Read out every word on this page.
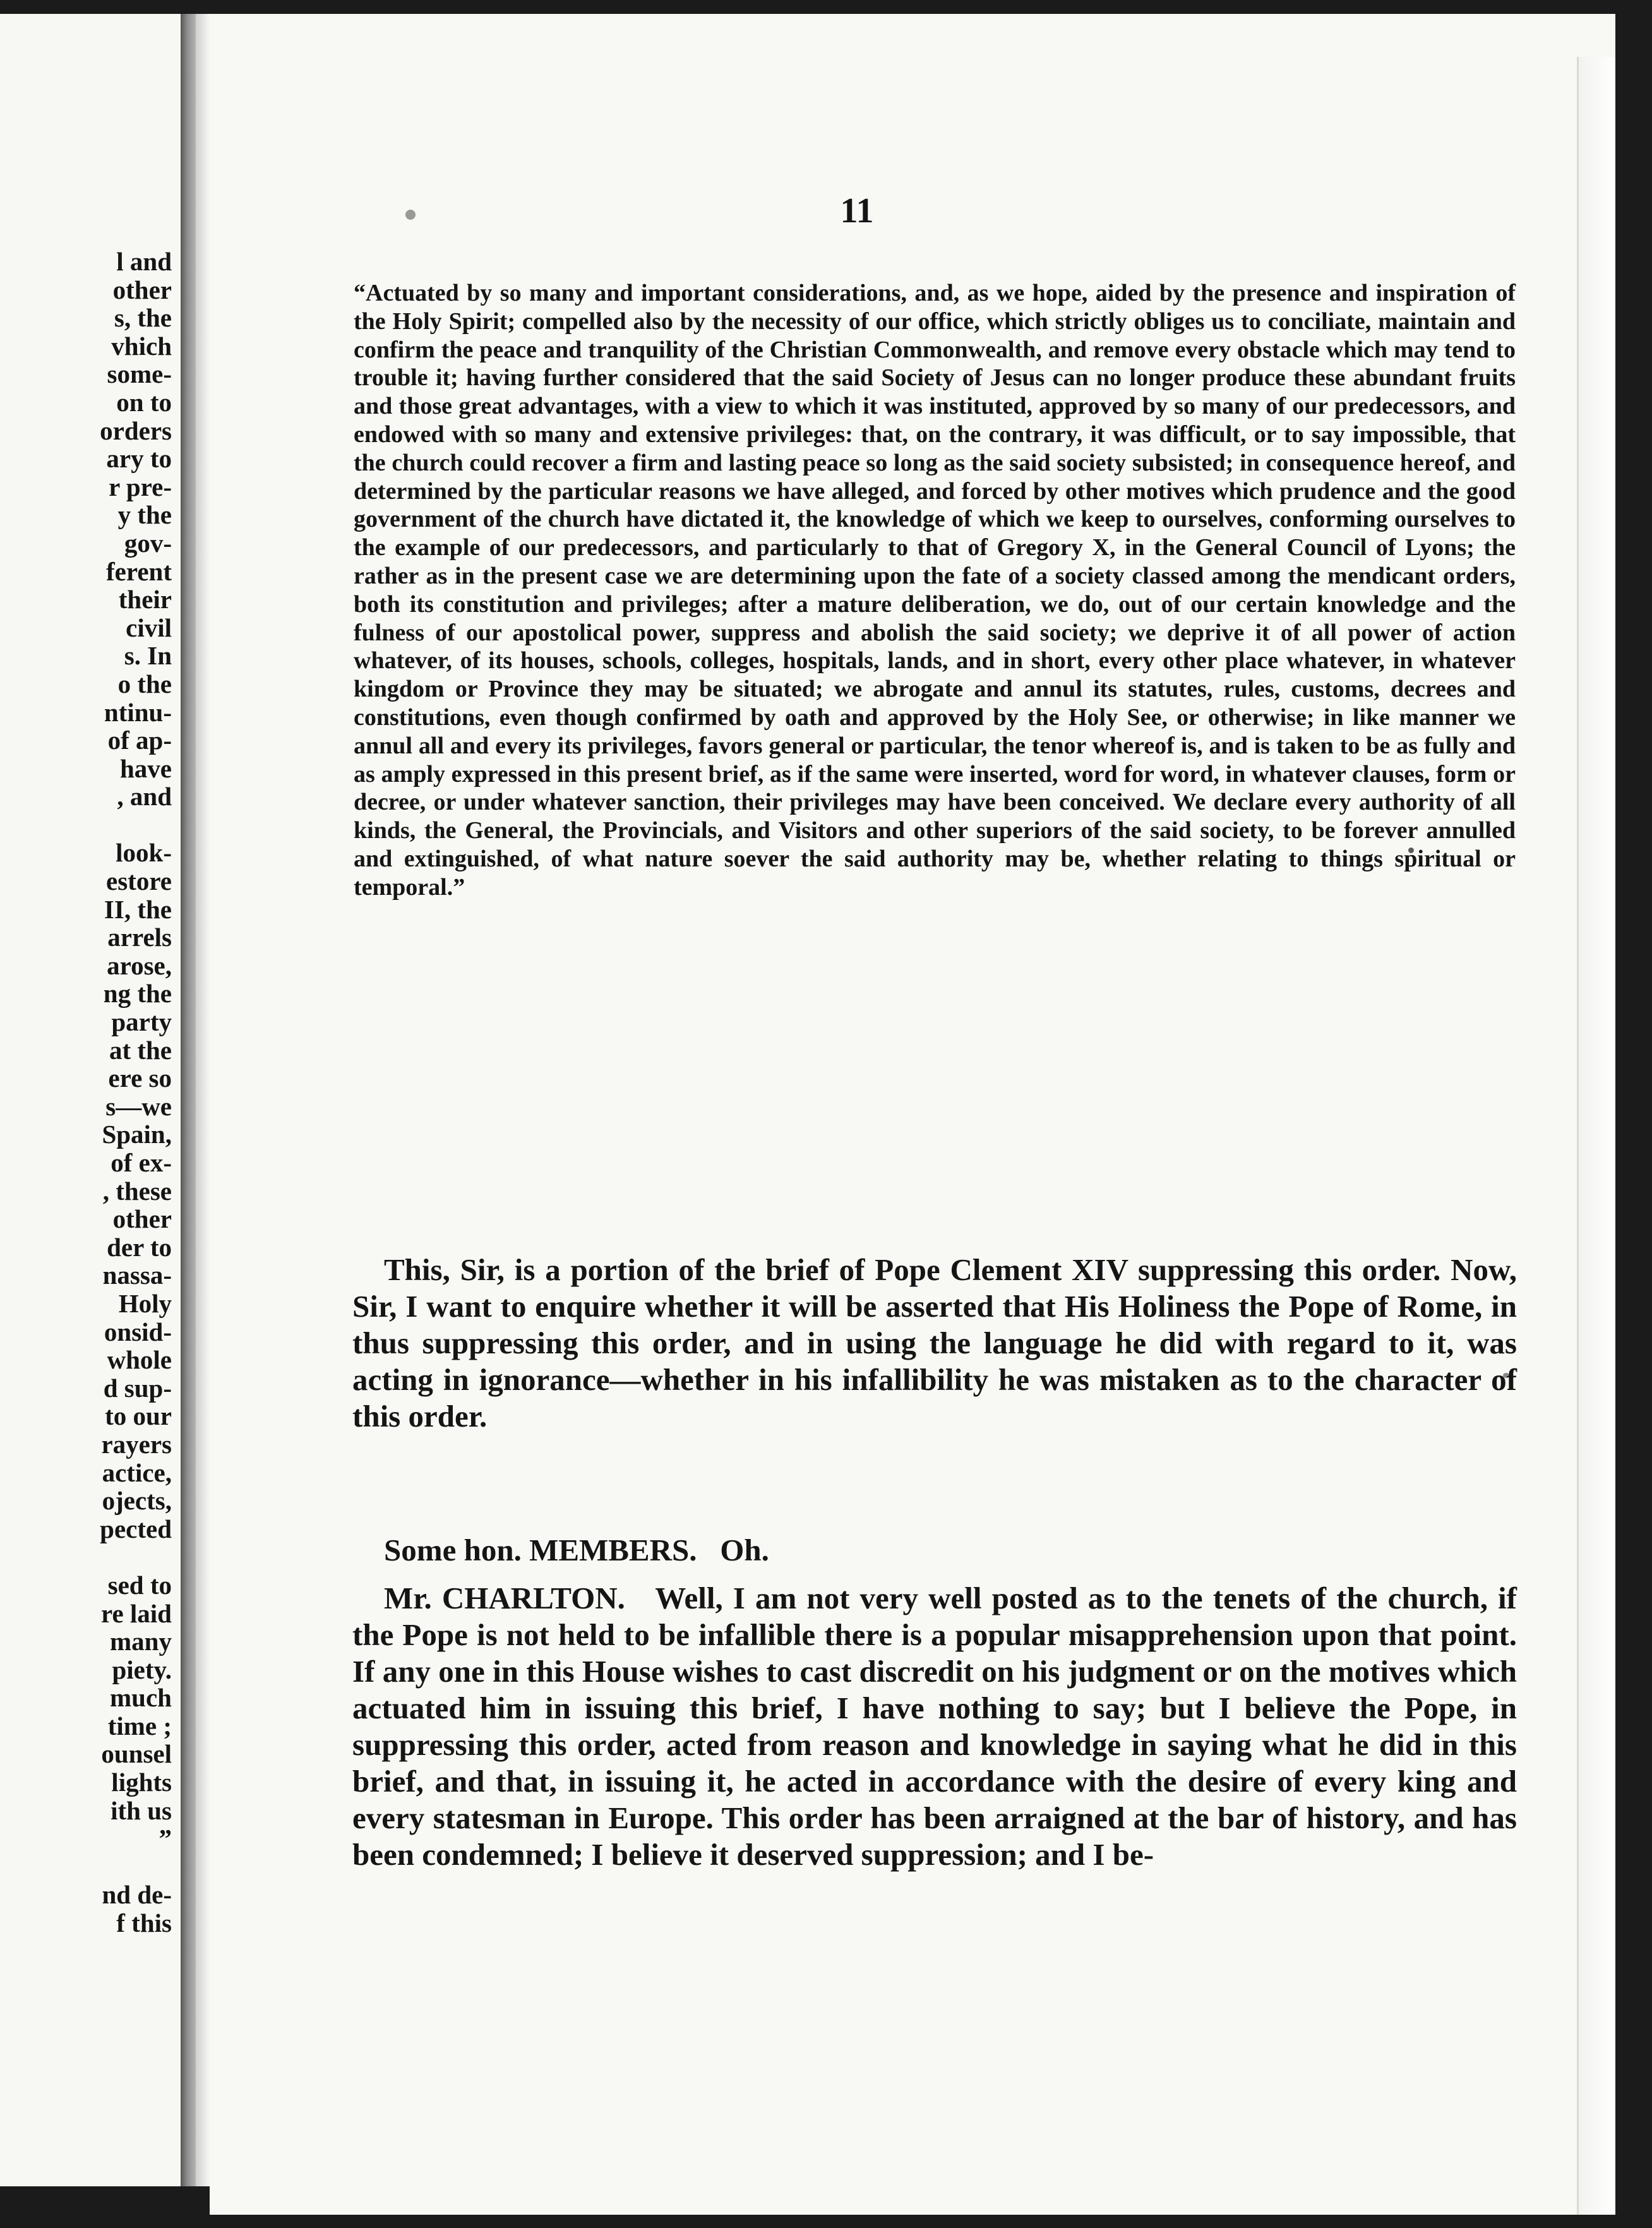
l and
other
s, the
vhich
some-
on to
orders
ary to
r pre-
y the
gov-
ferent
their
civil
s. In
o the
ntinu-
of ap-
have
, and
look-
estore
II, the
arrels
arose,
ng the
party
at the
ere so
s—we
Spain,
of ex-
, these
other
der to
nassa-
Holy
onsid-
whole
d sup-
to our
rayers
actice,
ojects,
pected
sed to
re laid
many
piety.
much
time ;
ounsel
lights
ith us
”
nd de-
f this

11

“Actuated by so many and important considerations, and, as we hope, aided by the presence and inspiration of the Holy Spirit; compelled also by the necessity of our office, which strictly obliges us to conciliate, maintain and confirm the peace and tranquility of the Christian Commonwealth, and remove every obstacle which may tend to trouble it; having further considered that the said Society of Jesus can no longer produce these abundant fruits and those great advantages, with a view to which it was instituted, approved by so many of our predecessors, and endowed with so many and extensive privileges: that, on the contrary, it was difficult, or to say impossible, that the church could recover a firm and lasting peace so long as the said society subsisted; in consequence hereof, and determined by the particular reasons we have alleged, and forced by other motives which prudence and the good government of the church have dictated it, the knowledge of which we keep to ourselves, conforming ourselves to the example of our predecessors, and particularly to that of Gregory X, in the General Council of Lyons; the rather as in the present case we are determining upon the fate of a society classed among the mendicant orders, both its constitution and privileges; after a mature deliberation, we do, out of our certain knowledge and the fulness of our apostolical power, suppress and abolish the said society; we deprive it of all power of action whatever, of its houses, schools, colleges, hospitals, lands, and in short, every other place whatever, in whatever kingdom or Province they may be situated; we abrogate and annul its statutes, rules, customs, decrees and constitutions, even though confirmed by oath and approved by the Holy See, or otherwise; in like manner we annul all and every its privileges, favors general or particular, the tenor whereof is, and is taken to be as fully and as amply expressed in this present brief, as if the same were inserted, word for word, in whatever clauses, form or decree, or under whatever sanction, their privileges may have been conceived. We declare every authority of all kinds, the General, the Provincials, and Visitors and other superiors of the said society, to be forever annulled and extinguished, of what nature soever the said authority may be, whether relating to things spiritual or temporal.”

This, Sir, is a portion of the brief of Pope Clement XIV suppressing this order. Now, Sir, I want to enquire whether it will be asserted that His Holiness the Pope of Rome, in thus suppressing this order, and in using the language he did with regard to it, was acting in ignorance—whether in his infallibility he was mistaken as to the character of this order.

Some hon. MEMBERS. Oh.

Mr. CHARLTON. Well, I am not very well posted as to the tenets of the church, if the Pope is not held to be infallible there is a popular misapprehension upon that point. If any one in this House wishes to cast discredit on his judgment or on the motives which actuated him in issuing this brief, I have nothing to say; but I believe the Pope, in suppressing this order, acted from reason and knowledge in saying what he did in this brief, and that, in issuing it, he acted in accordance with the desire of every king and every statesman in Europe. This order has been arraigned at the bar of history, and has been condemned; I believe it deserved suppression; and I be-
